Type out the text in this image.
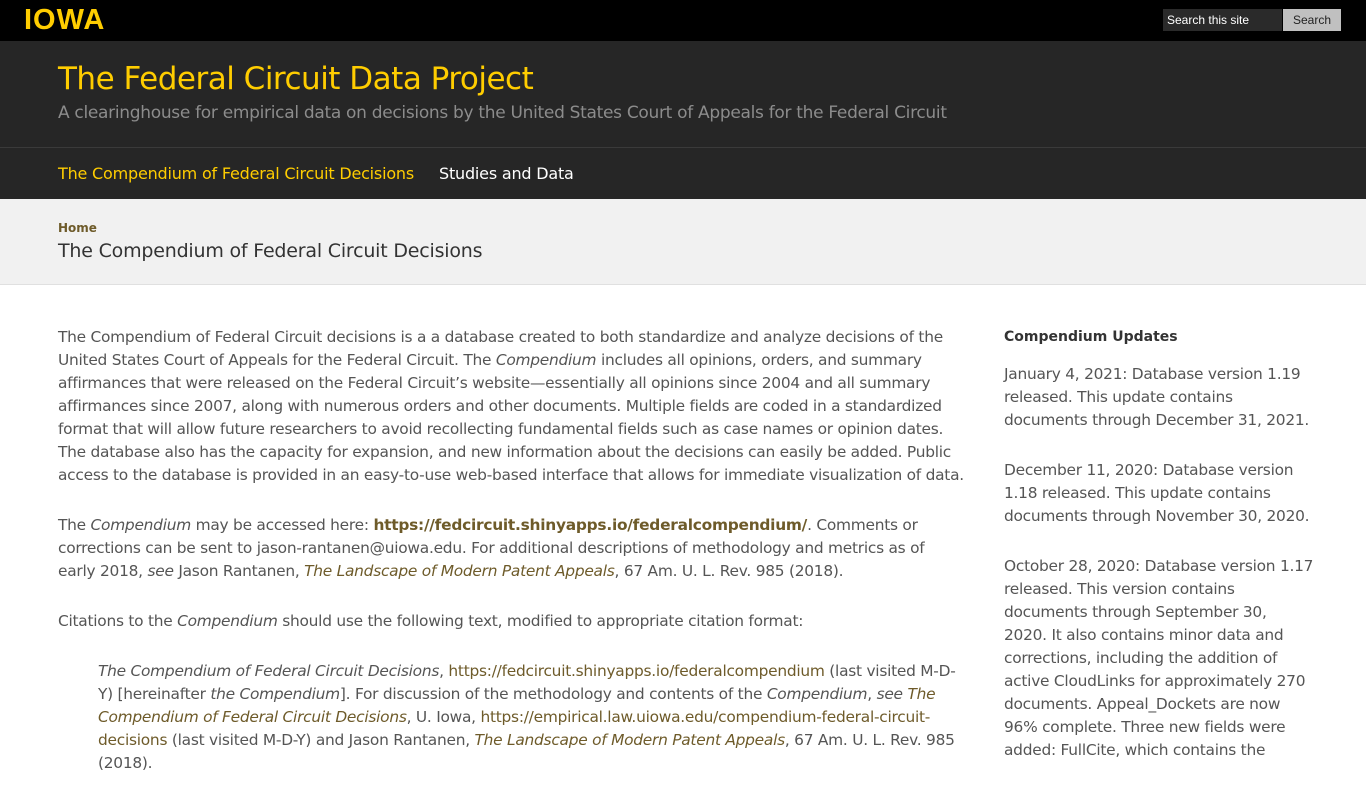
IOWA
Search this site	Search
The Federal Circuit Data Project

A clearinghouse for empirical data on decisions by the United States Court of Appeals for the Federal Circuit

The Compendium of Federal Circuit Decisions Studies and Data
Home
The Compendium of Federal Circuit Decisions

The Compendium of Federal Circuit decisions is a a database created to both standardize and analyze decisions of the United States Court of Appeals for the Federal Circuit. The Compendium includes all opinions, orders, and summary affirmances that were released on the Federal Circuit’s website—essentially all opinions since 2004 and all summary affirmances since 2007, along with numerous orders and other documents. Multiple fields are coded in a standardized format that will allow future researchers to avoid recollecting fundamental fields such as case names or opinion dates. The database also has the capacity for expansion, and new information about the decisions can easily be added. Public access to the database is provided in an easy-to-use web-based interface that allows for immediate visualization of data.

The Compendium may be accessed here: https://fedcircuit.shinyapps.io/federalcompendium/. Comments or corrections can be sent to jason-rantanen@uiowa.edu. For additional descriptions of methodology and metrics as of early 2018, see Jason Rantanen, The Landscape of Modern Patent Appeals, 67 Am. U. L. Rev. 985 (2018).

Citations to the Compendium should use the following text, modified to appropriate citation format:

The Compendium of Federal Circuit Decisions, https://fedcircuit.shinyapps.io/federalcompendium (last visited M-D-Y) [hereinafter the Compendium]. For discussion of the methodology and contents of the Compendium, see The Compendium of Federal Circuit Decisions, U. Iowa, https://empirical.law.uiowa.edu/compendium-federal-circuit-decisions (last visited M-D-Y) and Jason Rantanen, The Landscape of Modern Patent Appeals, 67 Am. U. L. Rev. 985 (2018).
Compendium Updates

January 4, 2021: Database version 1.19 released. This update contains documents through December 31, 2021.

December 11, 2020: Database version 1.18 released. This update contains documents through November 30, 2020.

October 28, 2020: Database version 1.17 released. This version contains documents through September 30, 2020. It also contains minor data and corrections, including the addition of active CloudLinks for approximately 270 documents. Appeal_Dockets are now 96% complete. Three new fields were added: FullCite, which contains the
